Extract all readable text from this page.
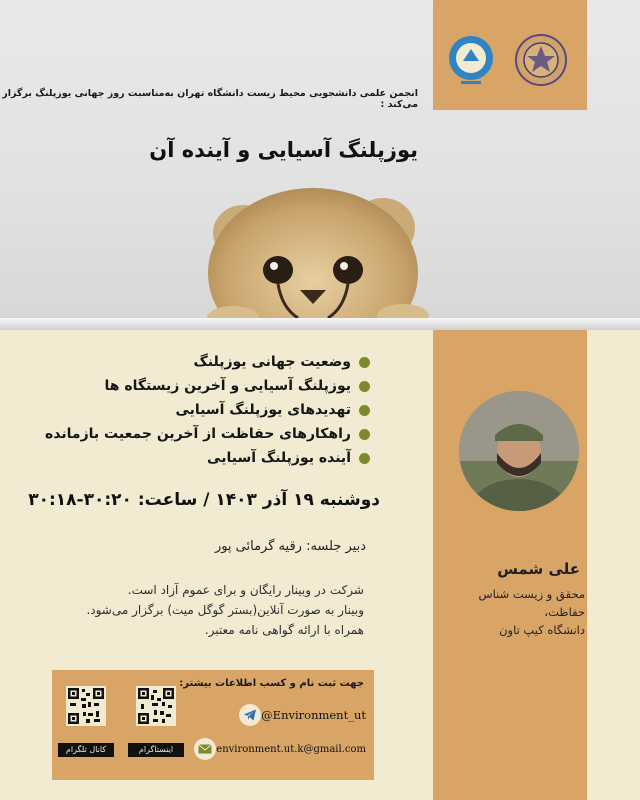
انجمن علمی دانشجویی محیط زیست دانشگاه تهران به‌مناسبت روز جهانی یوزپلنگ برگزار می‌کند :
یوزپلنگ آسیایی و آینده آن
وضعیت جهانی یوزپلنگ
یوزپلنگ آسیایی و آخرین زیستگاه ها
تهدیدهای یوزپلنگ آسیایی
راهکارهای حفاظت از آخرین جمعیت بازمانده
آینده یوزپلنگ آسیایی
دوشنبه ۱۹ آذر ۱۴۰۳ / ساعت: ۳۰:۲۰-۳۰:۱۸
دبیر جلسه: رقیه گرمائی پور
شرکت در وبینار رایگان و برای عموم آزاد است.
وبینار به صورت آنلاین(بستر گوگل میت) برگزار می‌شود.
همراه با ارائه گواهی نامه معتبر.
علی شمس
محقق و زیست شناس حفاظت،
دانشگاه کیپ تاون
جهت ثبت نام و کسب اطلاعات بیشتر:
@Environment_ut
environment.ut.k@gmail.com
کانال تلگرام	اینستاگرام
